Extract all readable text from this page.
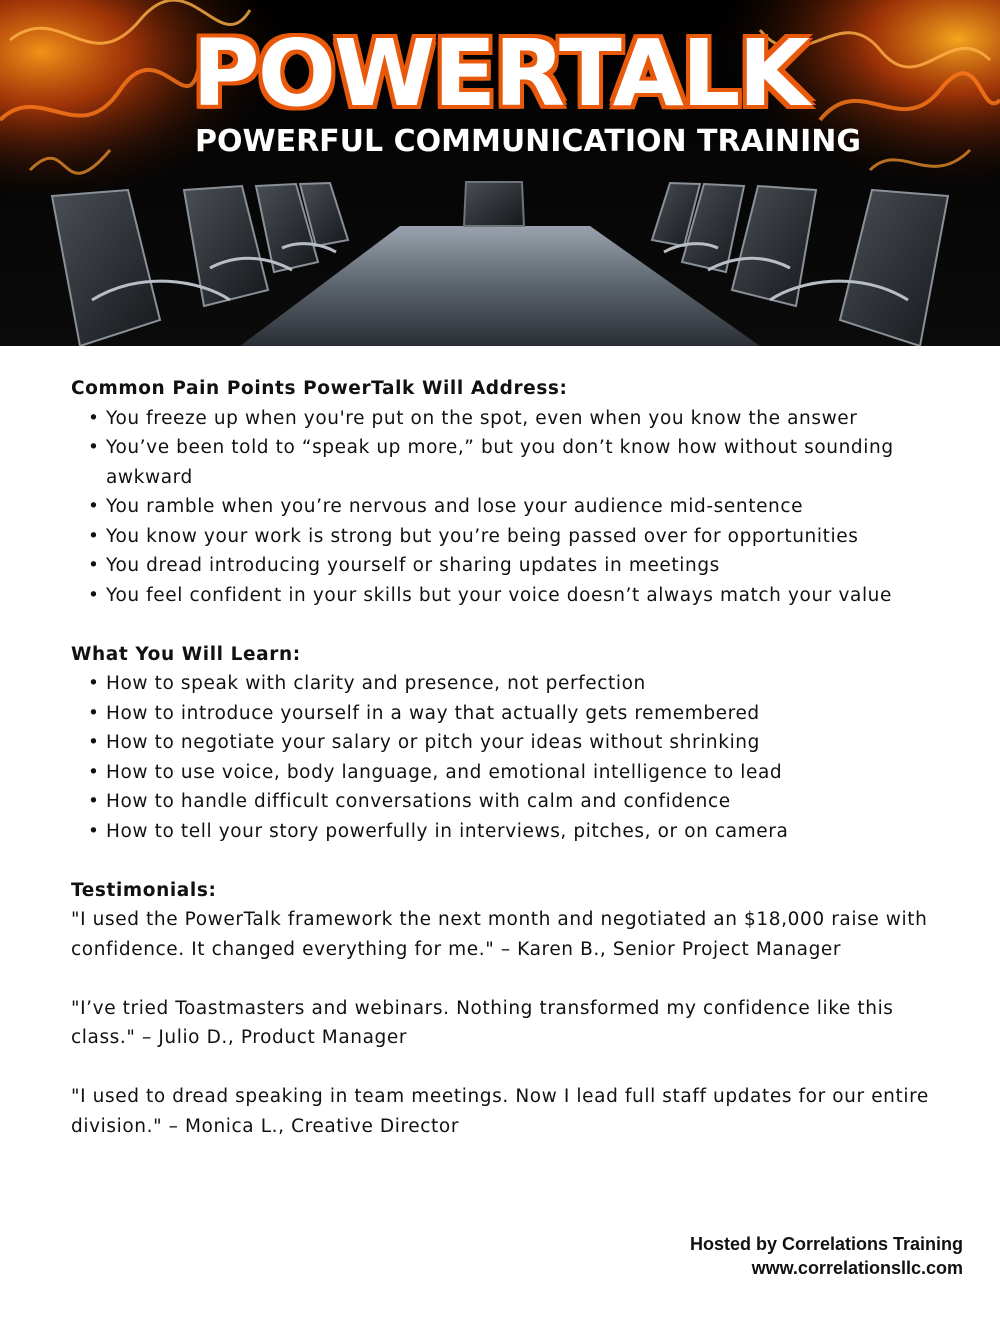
POWERTALK
POWERFUL COMMUNICATION TRAINING
Common Pain Points PowerTalk Will Address:
• You freeze up when you're put on the spot, even when you know the answer
• You’ve been told to “speak up more,” but you don’t know how without sounding awkward
• You ramble when you’re nervous and lose your audience mid-sentence
• You know your work is strong but you’re being passed over for opportunities
• You dread introducing yourself or sharing updates in meetings
• You feel confident in your skills but your voice doesn’t always match your value
What You Will Learn:
• How to speak with clarity and presence, not perfection
• How to introduce yourself in a way that actually gets remembered
• How to negotiate your salary or pitch your ideas without shrinking
• How to use voice, body language, and emotional intelligence to lead
• How to handle difficult conversations with calm and confidence
• How to tell your story powerfully in interviews, pitches, or on camera
Testimonials:

"I used the PowerTalk framework the next month and negotiated an $18,000 raise with confidence. It changed everything for me." – Karen B., Senior Project Manager

"I’ve tried Toastmasters and webinars. Nothing transformed my confidence like this class." – Julio D., Product Manager

"I used to dread speaking in team meetings. Now I lead full staff updates for our entire division." – Monica L., Creative Director

Hosted by Correlations Training
www.correlationsllc.com
